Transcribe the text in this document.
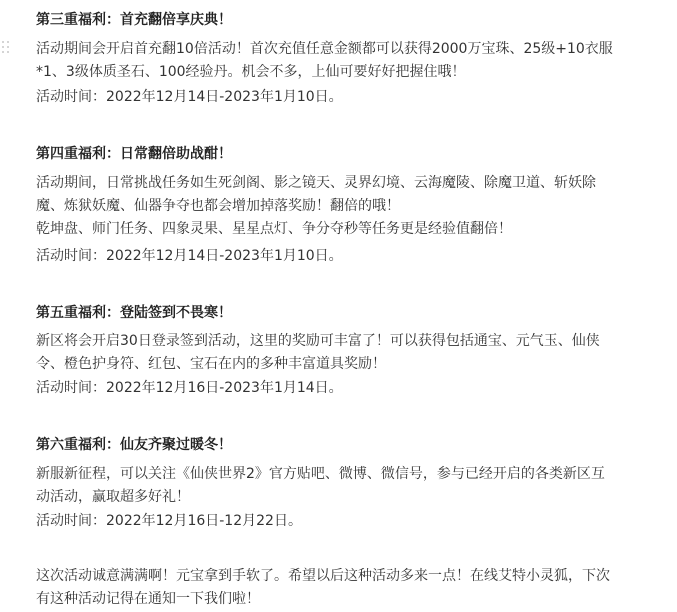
第三重福利：首充翻倍享庆典！
活动期间会开启首充翻10倍活动！首次充值任意金额都可以获得2000万宝珠、25级+10衣服
*1、3级体质圣石、100经验丹。机会不多，上仙可要好好把握住哦！
活动时间：2022年12月14日-2023年1月10日。
第四重福利：日常翻倍助战酣！
活动期间，日常挑战任务如生死剑阁、影之镜天、灵界幻境、云海魔陵、除魔卫道、斩妖除
魔、炼狱妖魔、仙器争夺也都会增加掉落奖励！翻倍的哦！
乾坤盘、师门任务、四象灵果、星星点灯、争分夺秒等任务更是经验值翻倍！
活动时间：2022年12月14日-2023年1月10日。
第五重福利：登陆签到不畏寒！
新区将会开启30日登录签到活动，这里的奖励可丰富了！可以获得包括通宝、元气玉、仙侠
令、橙色护身符、红包、宝石在内的多种丰富道具奖励！
活动时间：2022年12月16日-2023年1月14日。
第六重福利：仙友齐聚过暖冬！
新服新征程，可以关注《仙侠世界2》官方贴吧、微博、微信号，参与已经开启的各类新区互
动活动，赢取超多好礼！
活动时间：2022年12月16日-12月22日。
这次活动诚意满满啊！元宝拿到手软了。希望以后这种活动多来一点！在线艾特小灵狐，下次
有这种活动记得在通知一下我们啦！
